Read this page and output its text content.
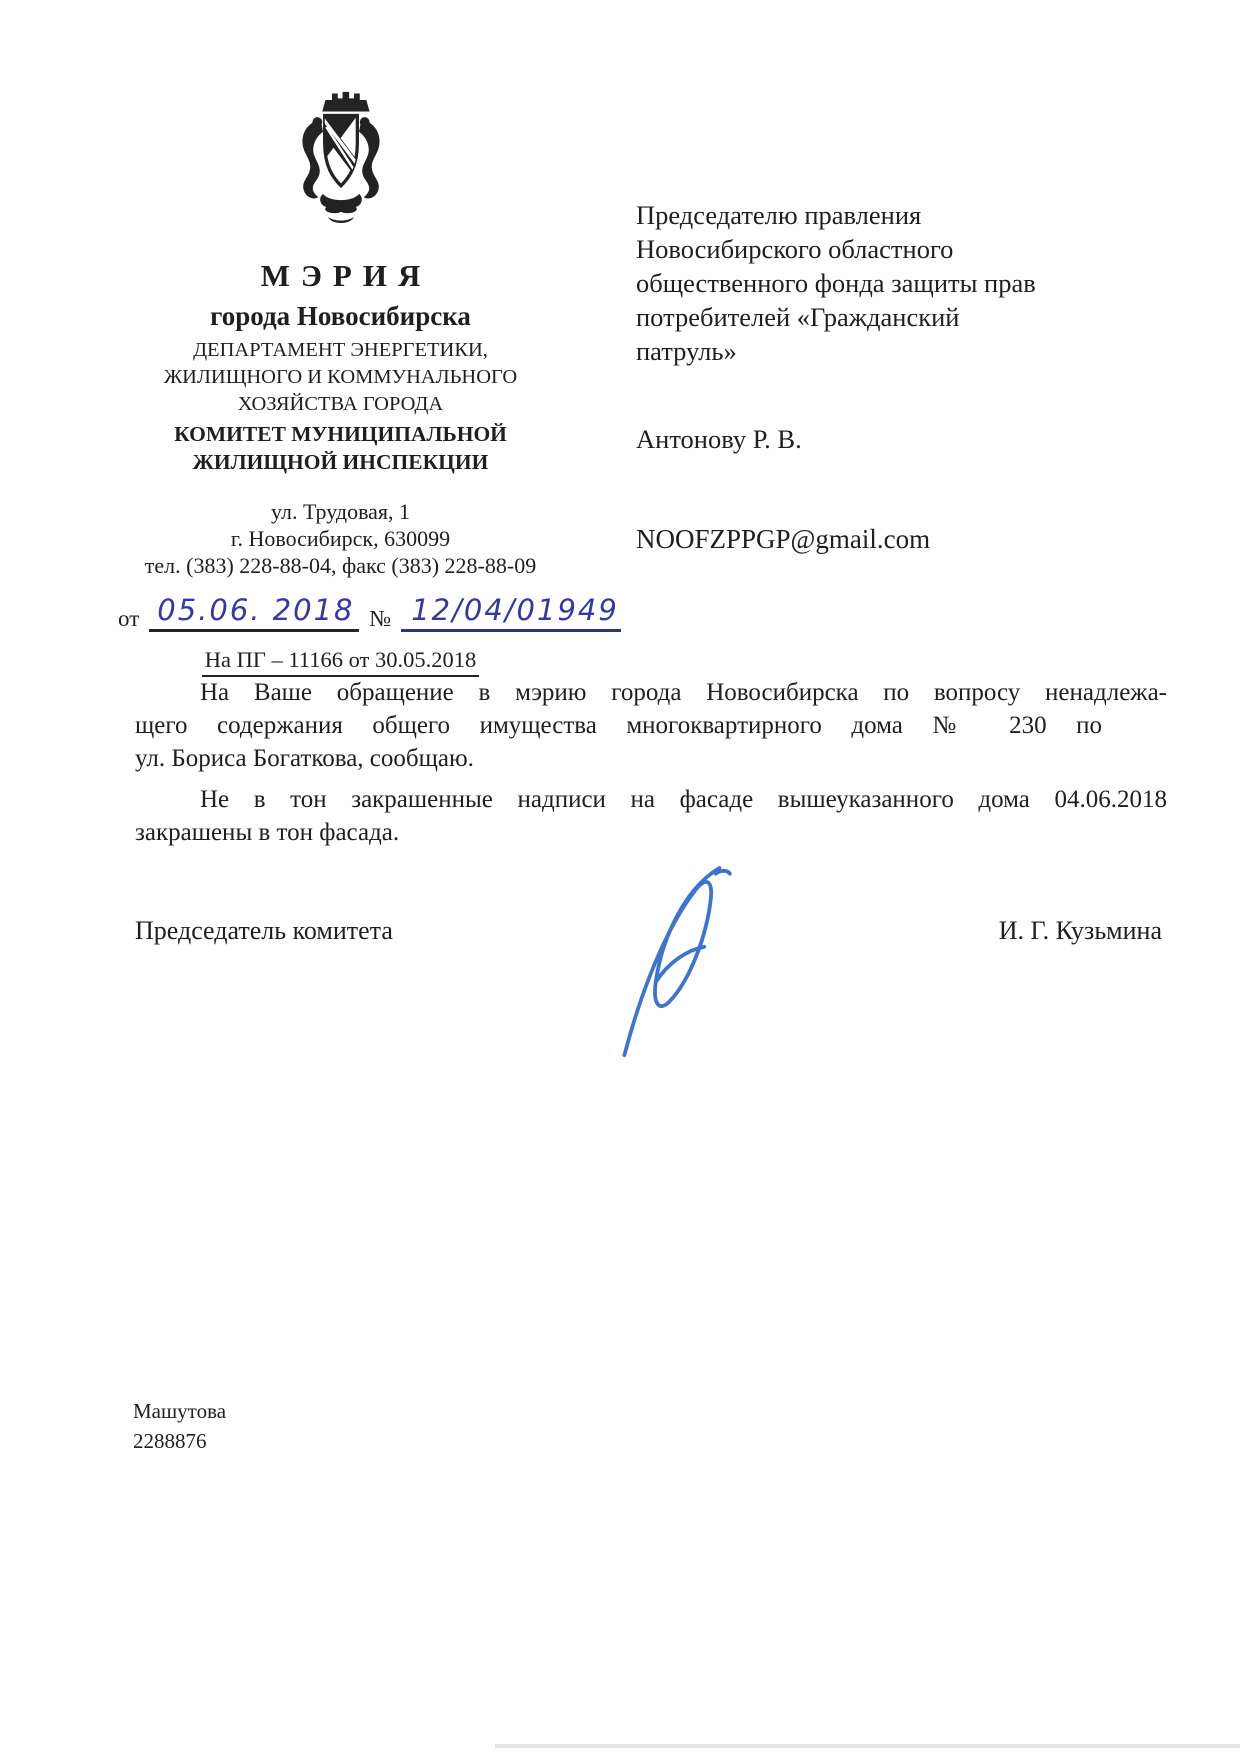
МЭРИЯ
города Новосибирска
ДЕПАРТАМЕНТ ЭНЕРГЕТИКИ,
ЖИЛИЩНОГО И КОММУНАЛЬНОГО
ХОЗЯЙСТВА ГОРОДА
КОМИТЕТ МУНИЦИПАЛЬНОЙ
ЖИЛИЩНОЙ ИНСПЕКЦИИ
ул. Трудовая, 1
г. Новосибирск, 630099
тел. (383) 228-88-04, факс (383) 228-88-09
от 05.06. 2018 № 12/04/01949
На ПГ – 11166 от 30.05.2018
Председателю правления
Новосибирского областного
общественного фонда защиты прав
потребителей «Гражданский
патруль»
Антонову Р. В.
NOOFZPPGP@gmail.com
На Ваше обращение в мэрию города Новосибирска по вопросу ненадлежа-
щего содержания общего имущества многоквартирного дома № 230 по
ул. Бориса Богаткова, сообщаю.
Не в тон закрашенные надписи на фасаде вышеуказанного дома 04.06.2018
закрашены в тон фасада.
Председатель комитета	И. Г. Кузьмина
Машутова
2288876
